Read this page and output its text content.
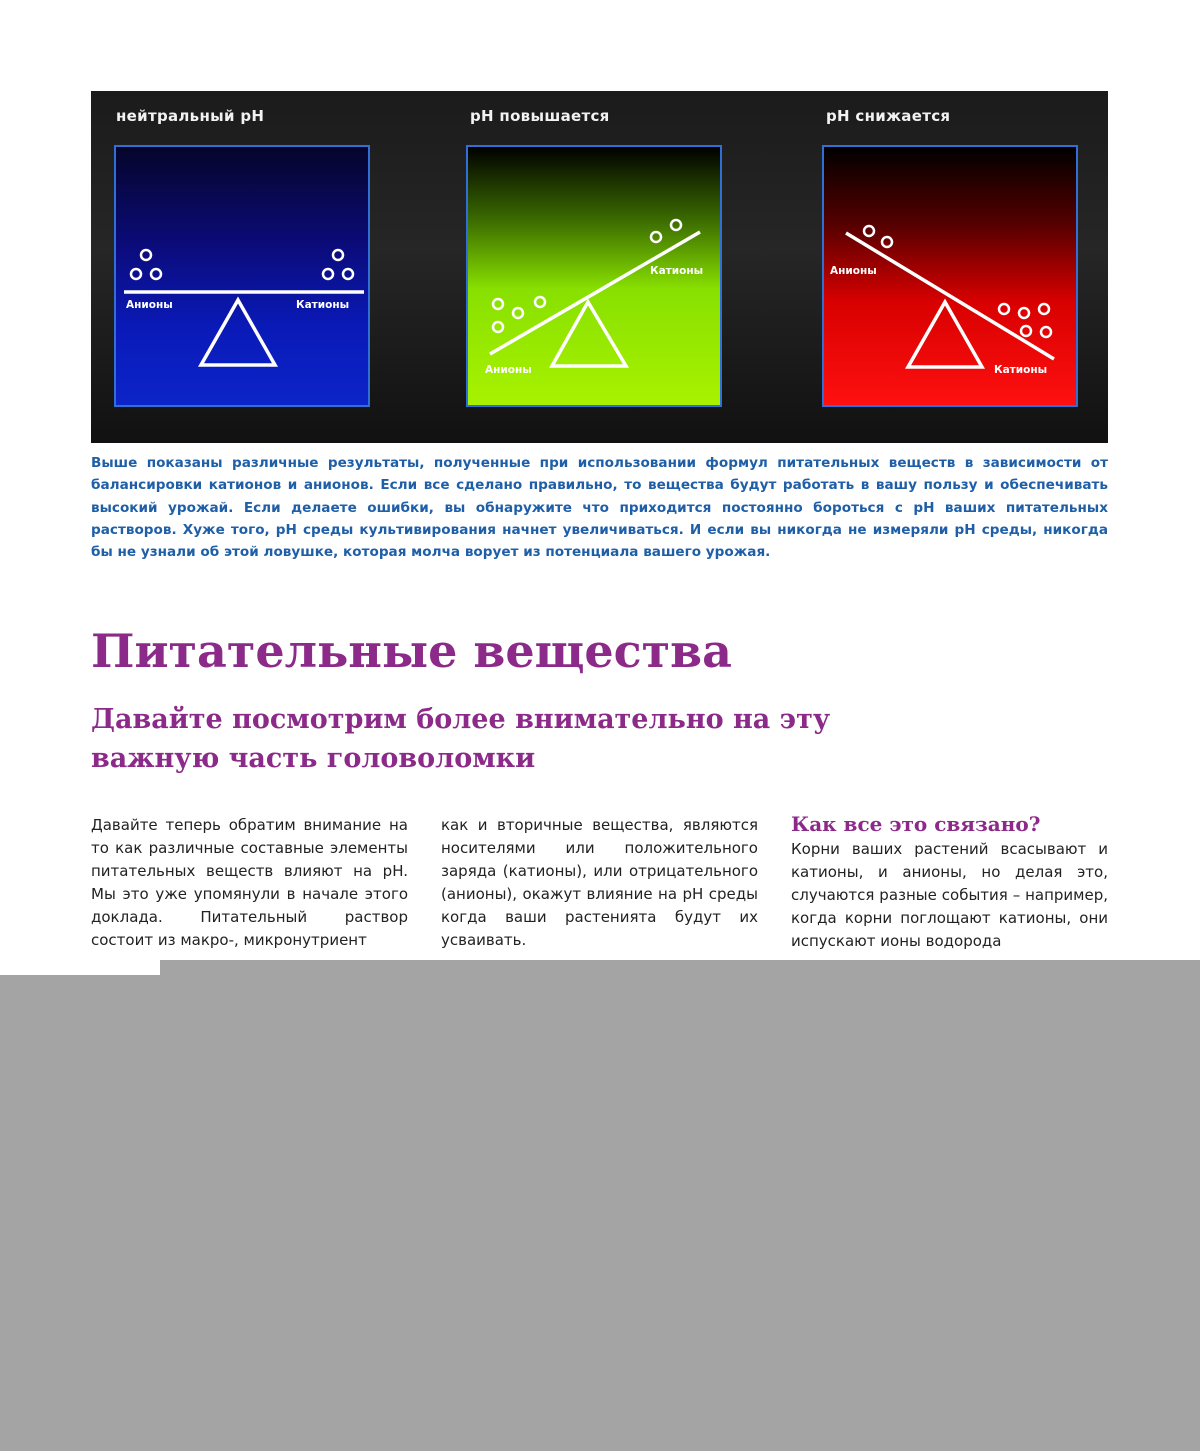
нейтральный pH	pH повышается	pH снижается
Анионы	Катионы
Анионы
Катионы	Анионы
Катионы

Выше показаны различные результаты, полученные при использовании формул питательных веществ в зависимости от балансировки катионов и анионов. Если все сделано правильно, то вещества будут работать в вашу пользу и обеспечивать высокий урожай. Если делаете ошибки, вы обнаружите что приходится постоянно бороться с pH ваших питательных растворов. Хуже того, pH среды культивирования начнет увеличиваться. И если вы никогда не измеряли pH среды, никогда бы не узнали об этой ловушке, которая молча ворует из потенциала вашего урожая.

Питательные вещества
Давайте посмотрим более внимательно на эту важную часть головоломки

Давайте теперь обратим внимание на то как различные составные элементы питательных веществ влияют на pH. Мы это уже упомянули в начале этого доклада. Питательный раствор состоит из макро-, микронутриент

как и вторичные вещества, являются носителями или положительного заряда (катионы), или отрицательного (анионы), окажут влияние на pH среды когда ваши растенията будут их усваивать.

Как все это связано?

Корни ваших растений всасывают и катионы, и анионы, но делая это, случаются разные события – например, когда корни поглощают катионы, они испускают ионы водорода
